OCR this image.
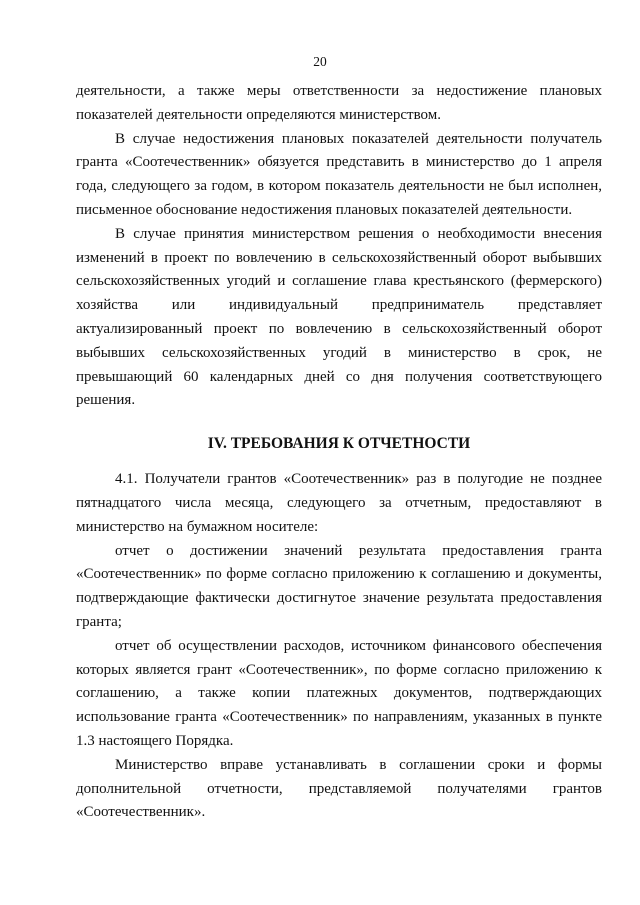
20

деятельности, а также меры ответственности за недостижение плановых
показателей деятельности определяются министерством.

В случае недостижения плановых показателей деятельности получатель
гранта «Соотечественник» обязуется представить в министерство до 1 апреля
года, следующего за годом, в котором показатель деятельности не был исполнен,
письменное обоснование недостижения плановых показателей деятельности.

В случае принятия министерством решения о необходимости внесения
изменений в проект по вовлечению в сельскохозяйственный оборот выбывших
сельскохозяйственных угодий и соглашение глава крестьянского (фермерского)
хозяйства или индивидуальный предприниматель представляет
актуализированный проект по вовлечению в сельскохозяйственный оборот
выбывших сельскохозяйственных угодий в министерство в срок, не
превышающий 60 календарных дней со дня получения соответствующего
решения.

IV. ТРЕБОВАНИЯ К ОТЧЕТНОСТИ

4.1. Получатели грантов «Соотечественник» раз в полугодие не позднее
пятнадцатого числа месяца, следующего за отчетным, предоставляют в
министерство на бумажном носителе:

отчет о достижении значений результата предоставления гранта
«Соотечественник» по форме согласно приложению к соглашению и документы,
подтверждающие фактически достигнутое значение результата предоставления
гранта;

отчет об осуществлении расходов, источником финансового обеспечения
которых является грант «Соотечественник», по форме согласно приложению к
соглашению, а также копии платежных документов, подтверждающих
использование гранта «Соотечественник» по направлениям, указанных в пункте
1.3 настоящего Порядка.

Министерство вправе устанавливать в соглашении сроки и формы
дополнительной отчетности, представляемой получателями грантов
«Соотечественник».
